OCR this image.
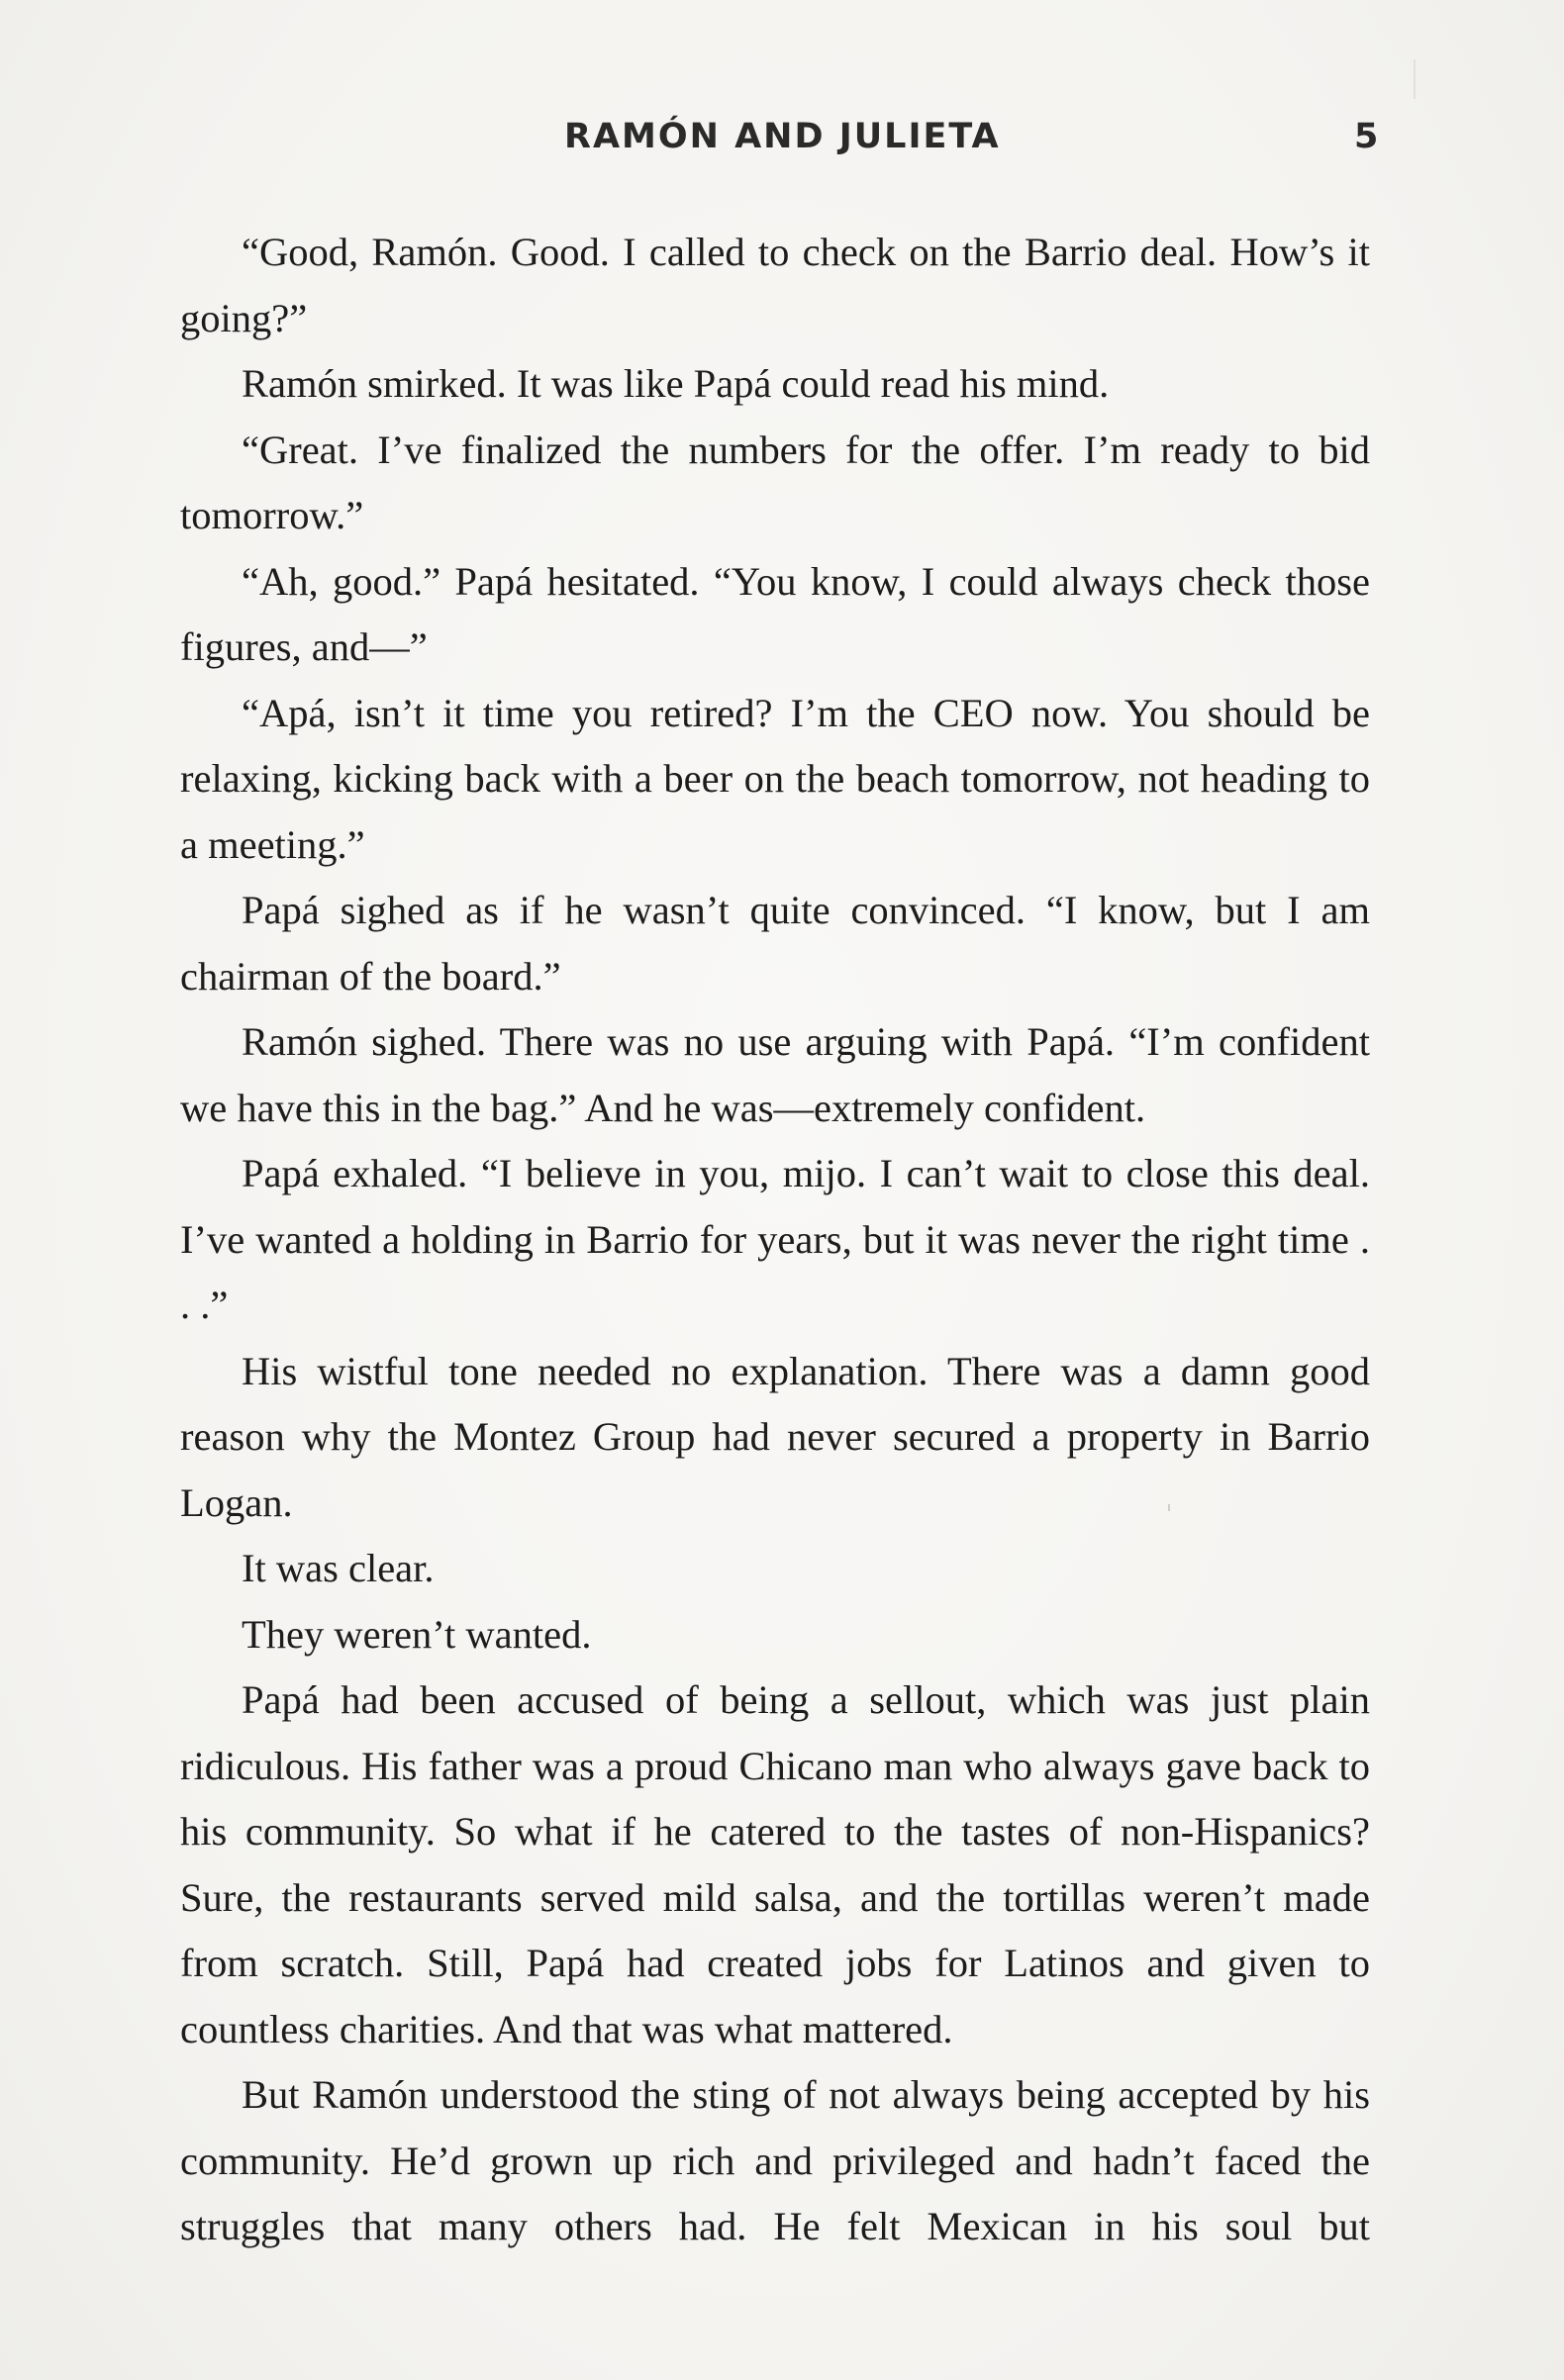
RAMÓN AND JULIETA	5

“Good, Ramón. Good. I called to check on the Barrio deal. How’s it going?”

Ramón smirked. It was like Papá could read his mind.

“Great. I’ve finalized the numbers for the offer. I’m ready to bid tomorrow.”

“Ah, good.” Papá hesitated. “You know, I could always check those figures, and—”

“Apá, isn’t it time you retired? I’m the CEO now. You should be relaxing, kicking back with a beer on the beach tomorrow, not heading to a meeting.”

Papá sighed as if he wasn’t quite convinced. “I know, but I am chairman of the board.”

Ramón sighed. There was no use arguing with Papá. “I’m confident we have this in the bag.” And he was—extremely confident.

Papá exhaled. “I believe in you, mijo. I can’t wait to close this deal. I’ve wanted a holding in Barrio for years, but it was never the right time . . .”

His wistful tone needed no explanation. There was a damn good reason why the Montez Group had never secured a property in Barrio Logan.

It was clear.

They weren’t wanted.

Papá had been accused of being a sellout, which was just plain ridiculous. His father was a proud Chicano man who always gave back to his community. So what if he catered to the tastes of non-Hispanics? Sure, the restaurants served mild salsa, and the tortillas weren’t made from scratch. Still, Papá had created jobs for Latinos and given to countless charities. And that was what mattered.

But Ramón understood the sting of not always being accepted by his community. He’d grown up rich and privileged and hadn’t faced the struggles that many others had. He felt Mexican in his soul but
